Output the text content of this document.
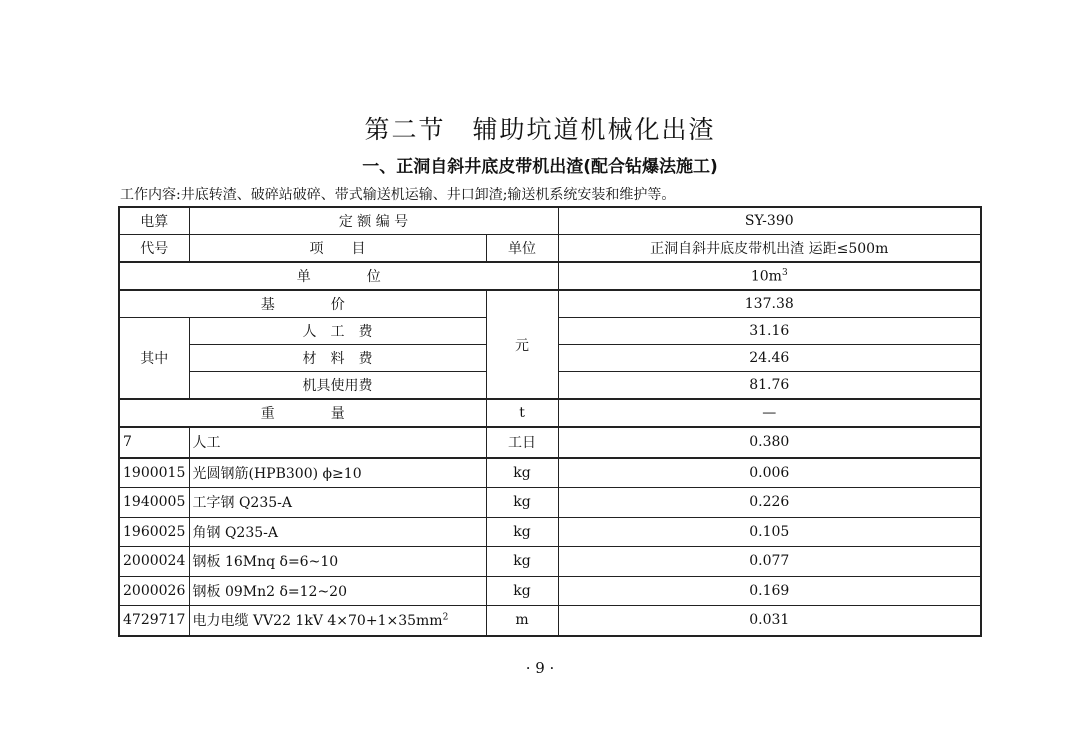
第二节　辅助坑道机械化出渣
一、正洞自斜井底皮带机出渣(配合钻爆法施工)
工作内容:井底转渣、破碎站破碎、带式输送机运输、井口卸渣;输送机系统安装和维护等。
电算	定 额 编 号		SY-390
代号	项　　目	单位	正洞自斜井底皮带机出渣 运距≤500m
单　　　　位			$10m^3$
基　　　　价		元	137.38
其中	人　工　费		31.16
	材　料　费		24.46
	机具使用费		81.76
重　　　　量		t	—
7	人工	工日	0.380
1900015	光圆钢筋(HPB300) ϕ≥10	kg	0.006
1940005	工字钢 Q235-A	kg	0.226
1960025	角钢 Q235-A	kg	0.105
2000024	钢板 16Mnq δ=6~10	kg	0.077
2000026	钢板 09Mn2 δ=12~20	kg	0.169
4729717	电力电缆 VV22 1kV $4\times 70+1\times 35mm^2$	m	0.031
· 9 ·
